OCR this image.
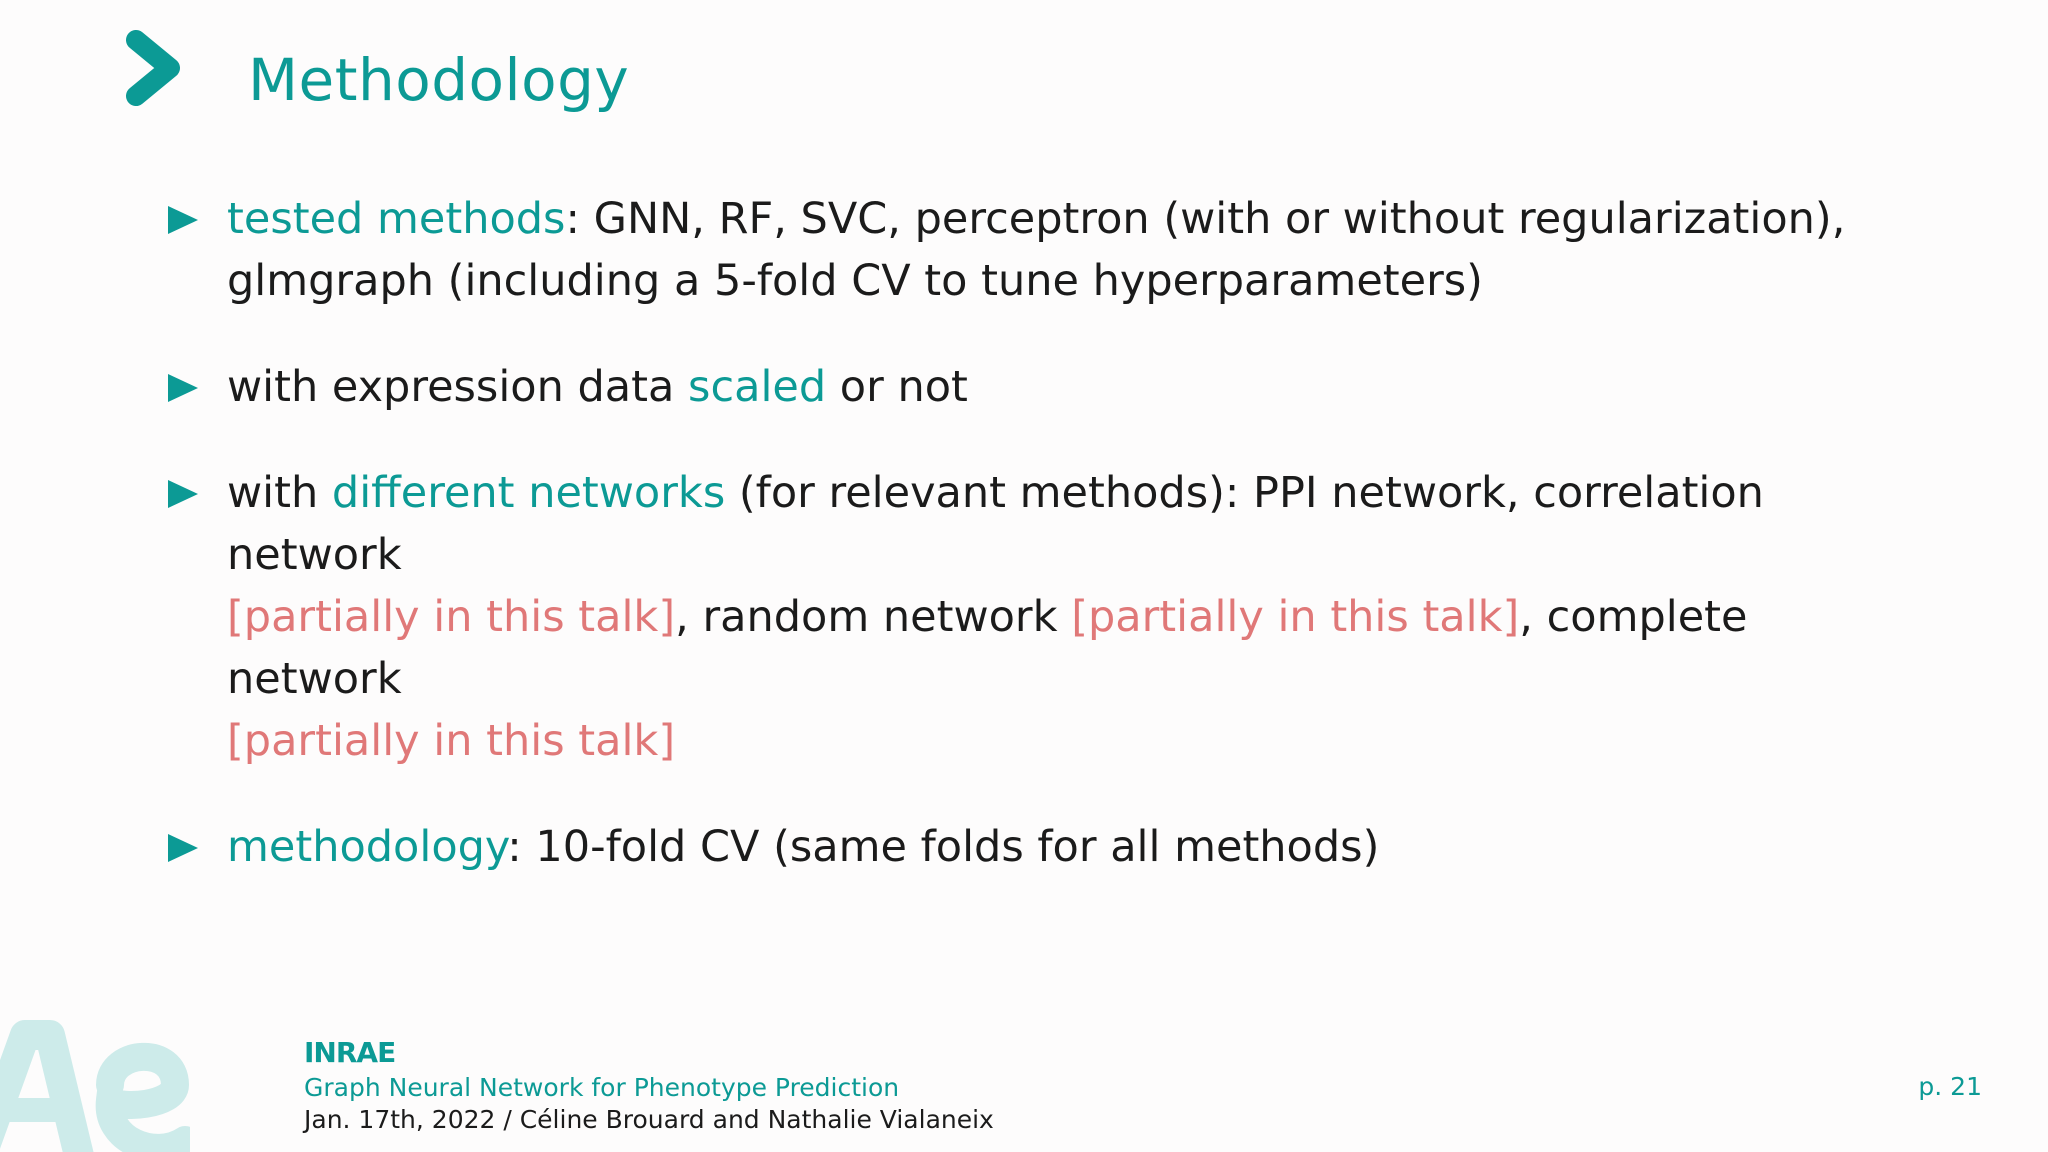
Methodology
tested methods: GNN, RF, SVC, perceptron (with or without regularization),
glmgraph (including a 5-fold CV to tune hyperparameters)
with expression data scaled or not
with different networks (for relevant methods): PPI network, correlation network
[partially in this talk], random network [partially in this talk], complete network
[partially in this talk]
methodology: 10-fold CV (same folds for all methods)
INRAE
Graph Neural Network for Phenotype Prediction
Jan. 17th, 2022 / Céline Brouard and Nathalie Vialaneix
p. 21
